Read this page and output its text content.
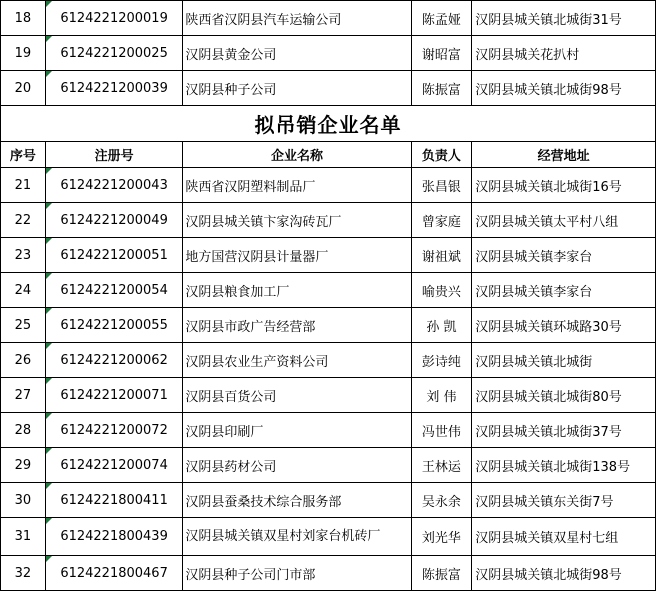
18	6124221200019	陕西省汉阴县汽车运输公司	陈孟娅	汉阴县城关镇北城街31号
19	6124221200025	汉阴县黄金公司	谢昭富	汉阴县城关花扒村
20	6124221200039	汉阴县种子公司	陈振富	汉阴县城关镇北城街98号
拟吊销企业名单				
序号	注册号	企业名称	负责人	经营地址
21	6124221200043	陕西省汉阴塑料制品厂	张昌银	汉阴县城关镇北城街16号
22	6124221200049	汉阴县城关镇卞家沟砖瓦厂	曾家庭	汉阴县城关镇太平村八组
23	6124221200051	地方国营汉阴县计量器厂	谢祖斌	汉阴县城关镇李家台
24	6124221200054	汉阴县粮食加工厂	喻贵兴	汉阴县城关镇李家台
25	6124221200055	汉阴县市政广告经营部	孙 凯	汉阴县城关镇环城路30号
26	6124221200062	汉阴县农业生产资料公司	彭诗纯	汉阴县城关镇北城街
27	6124221200071	汉阴县百货公司	刘 伟	汉阴县城关镇北城街80号
28	6124221200072	汉阴县印刷厂	冯世伟	汉阴县城关镇北城街37号
29	6124221200074	汉阴县药材公司	王林运	汉阴县城关镇北城街138号
30	6124221800411	汉阴县蚕桑技术综合服务部	吴永余	汉阴县城关镇东关街7号
31	6124221800439	汉阴县城关镇双星村刘家台机砖厂	刘光华	汉阴县城关镇双星村七组
32	6124221800467	汉阴县种子公司门市部	陈振富	汉阴县城关镇北城街98号
